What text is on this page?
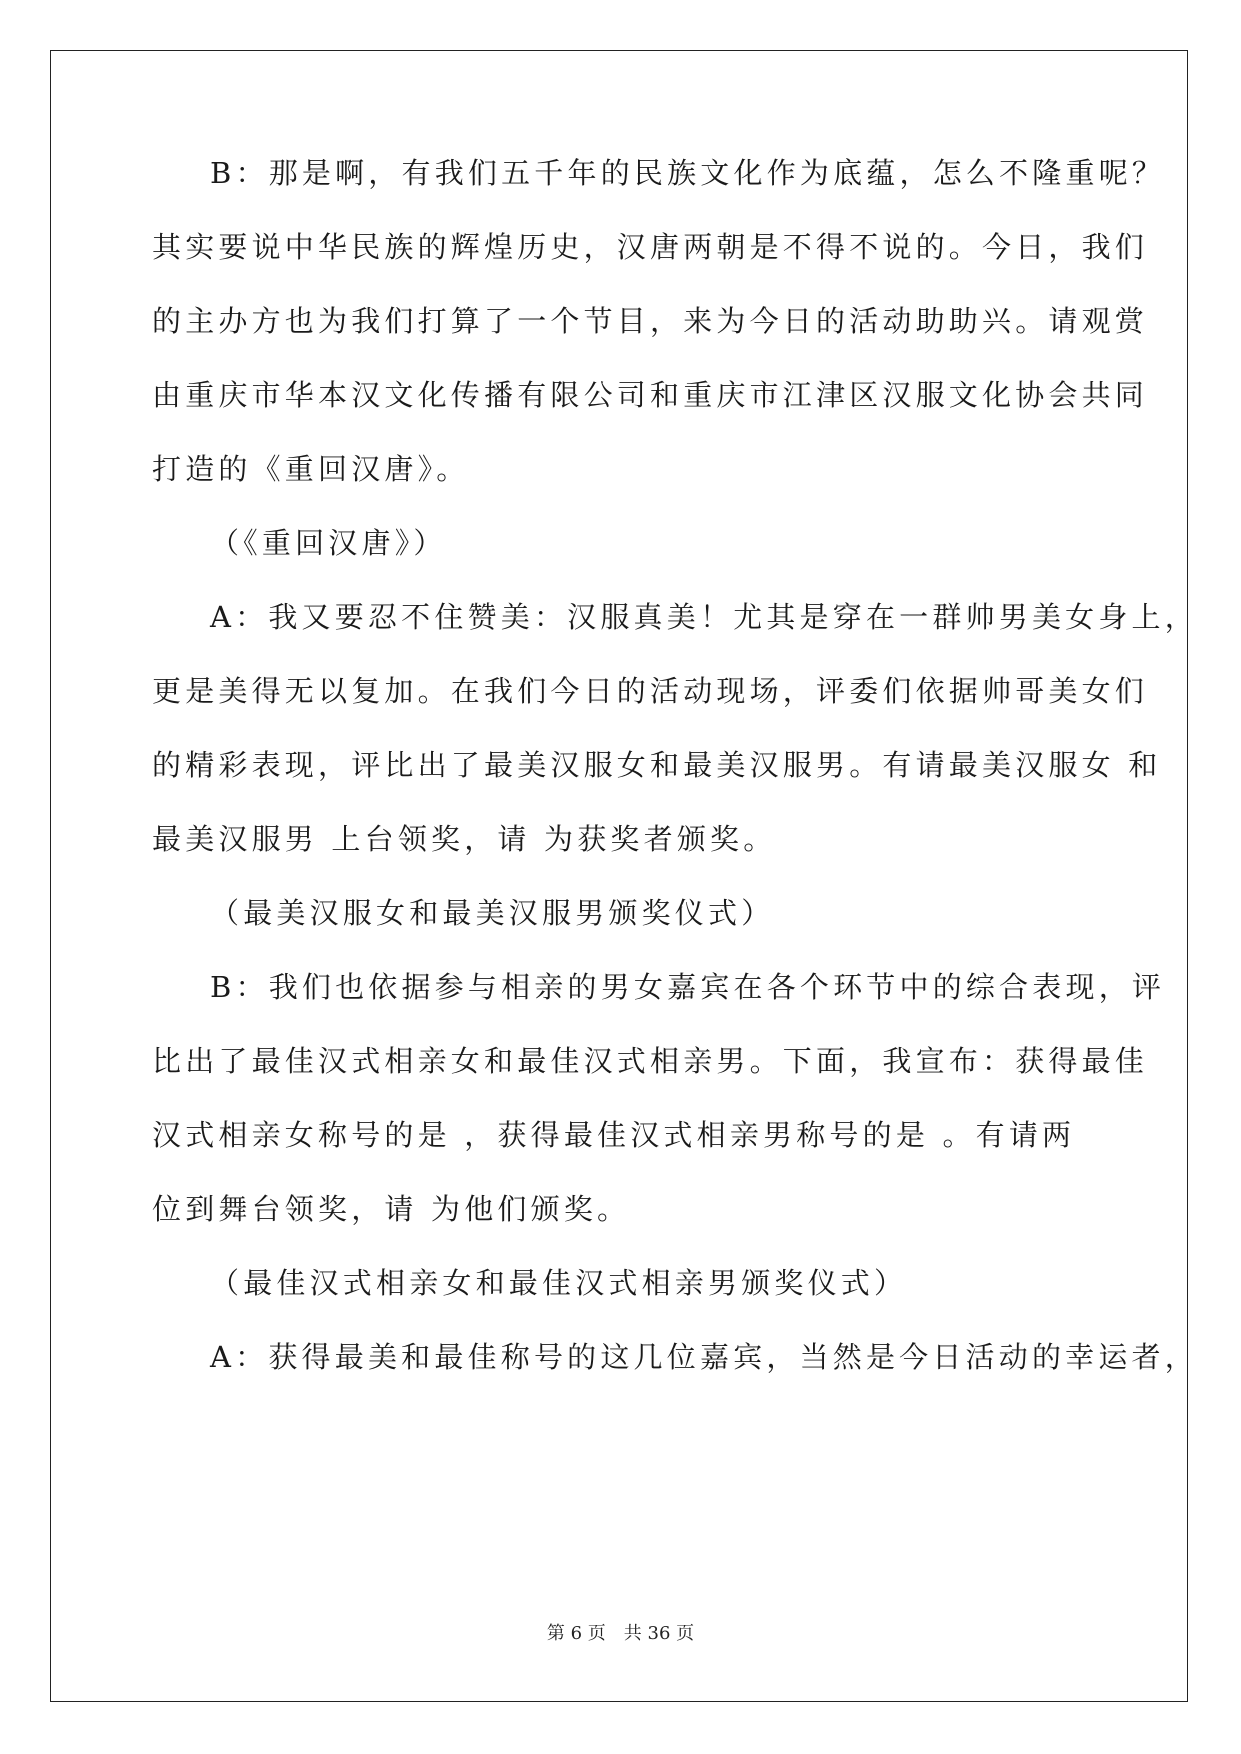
B：那是啊，有我们五千年的民族文化作为底蕴，怎么不隆重呢？
其实要说中华民族的辉煌历史，汉唐两朝是不得不说的。今日，我们
的主办方也为我们打算了一个节目，来为今日的活动助助兴。请观赏
由重庆市华本汉文化传播有限公司和重庆市江津区汉服文化协会共同
打造的《重回汉唐》。
（《重回汉唐》）
A：我又要忍不住赞美：汉服真美！尤其是穿在一群帅男美女身上，
更是美得无以复加。在我们今日的活动现场，评委们依据帅哥美女们
的精彩表现，评比出了最美汉服女和最美汉服男。有请最美汉服女 和
最美汉服男 上台领奖，请 为获奖者颁奖。
（最美汉服女和最美汉服男颁奖仪式）
B：我们也依据参与相亲的男女嘉宾在各个环节中的综合表现，评
比出了最佳汉式相亲女和最佳汉式相亲男。下面，我宣布：获得最佳
汉式相亲女称号的是 ，获得最佳汉式相亲男称号的是 。有请两
位到舞台领奖，请 为他们颁奖。
（最佳汉式相亲女和最佳汉式相亲男颁奖仪式）
A：获得最美和最佳称号的这几位嘉宾，当然是今日活动的幸运者，
第 6 页　共 36 页
